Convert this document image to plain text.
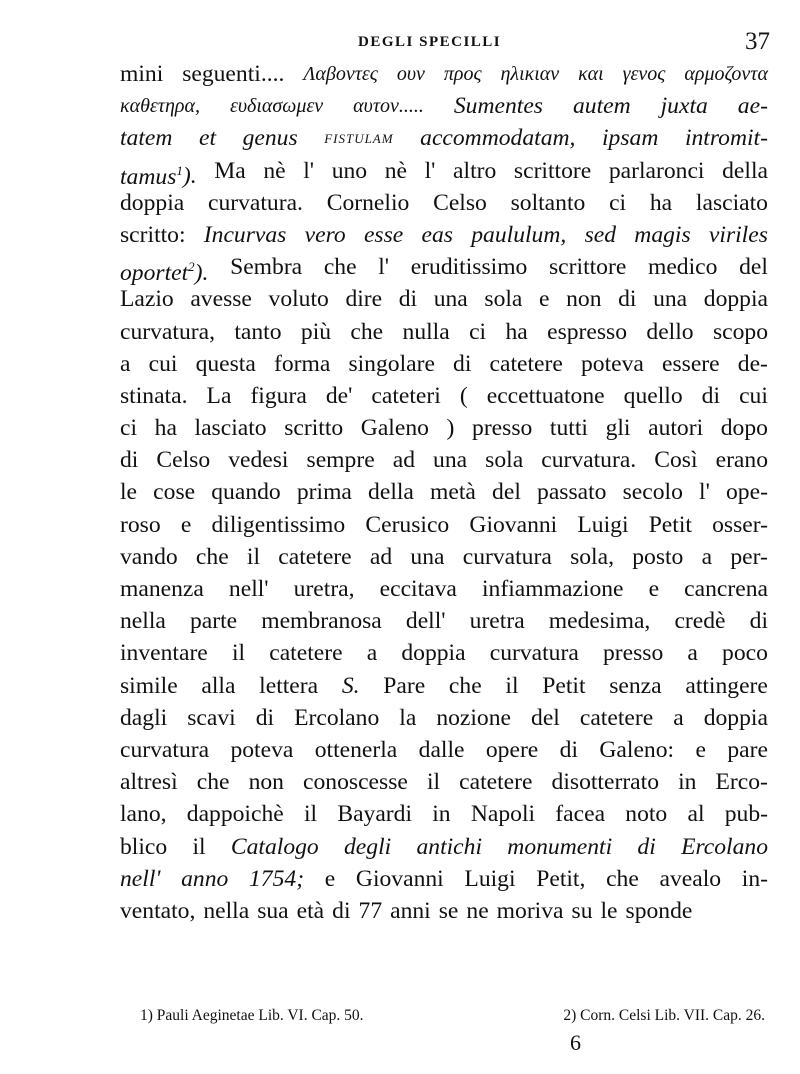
DEGLI SPECILLI	37
mini seguenti.... Λαβοντες ουν προς ηλικιαν και γενος αρμοζοντα
καθετηρα, ευδιασωμεν αυτον..... Sumentes autem juxta ae-
tatem et genus fistulam accommodatam, ipsam intromit-
tamus$^1$). Ma nè l' uno nè l' altro scrittore parlaronci della
doppia curvatura. Cornelio Celso soltanto ci ha lasciato
scritto: Incurvas vero esse eas paululum, sed magis viriles
oportet$^2$). Sembra che l' eruditissimo scrittore medico del
Lazio avesse voluto dire di una sola e non di una doppia
curvatura, tanto più che nulla ci ha espresso dello scopo
a cui questa forma singolare di catetere poteva essere de-
stinata. La figura de' cateteri ( eccettuatone quello di cui
ci ha lasciato scritto Galeno ) presso tutti gli autori dopo
di Celso vedesi sempre ad una sola curvatura. Così erano
le cose quando prima della metà del passato secolo l' ope-
roso e diligentissimo Cerusico Giovanni Luigi Petit osser-
vando che il catetere ad una curvatura sola, posto a per-
manenza nell' uretra, eccitava infiammazione e cancrena
nella parte membranosa dell' uretra medesima, credè di
inventare il catetere a doppia curvatura presso a poco
simile alla lettera S. Pare che il Petit senza attingere
dagli scavi di Ercolano la nozione del catetere a doppia
curvatura poteva ottenerla dalle opere di Galeno: e pare
altresì che non conoscesse il catetere disotterrato in Erco-
lano, dappoichè il Bayardi in Napoli facea noto al pub-
blico il Catalogo degli antichi monumenti di Ercolano
nell' anno 1754; e Giovanni Luigi Petit, che avealo in-
ventato, nella sua età di 77 anni se ne moriva su le sponde
1) Pauli Aeginetae Lib. VI. Cap. 50.	2) Corn. Celsi Lib. VII. Cap. 26.
6
